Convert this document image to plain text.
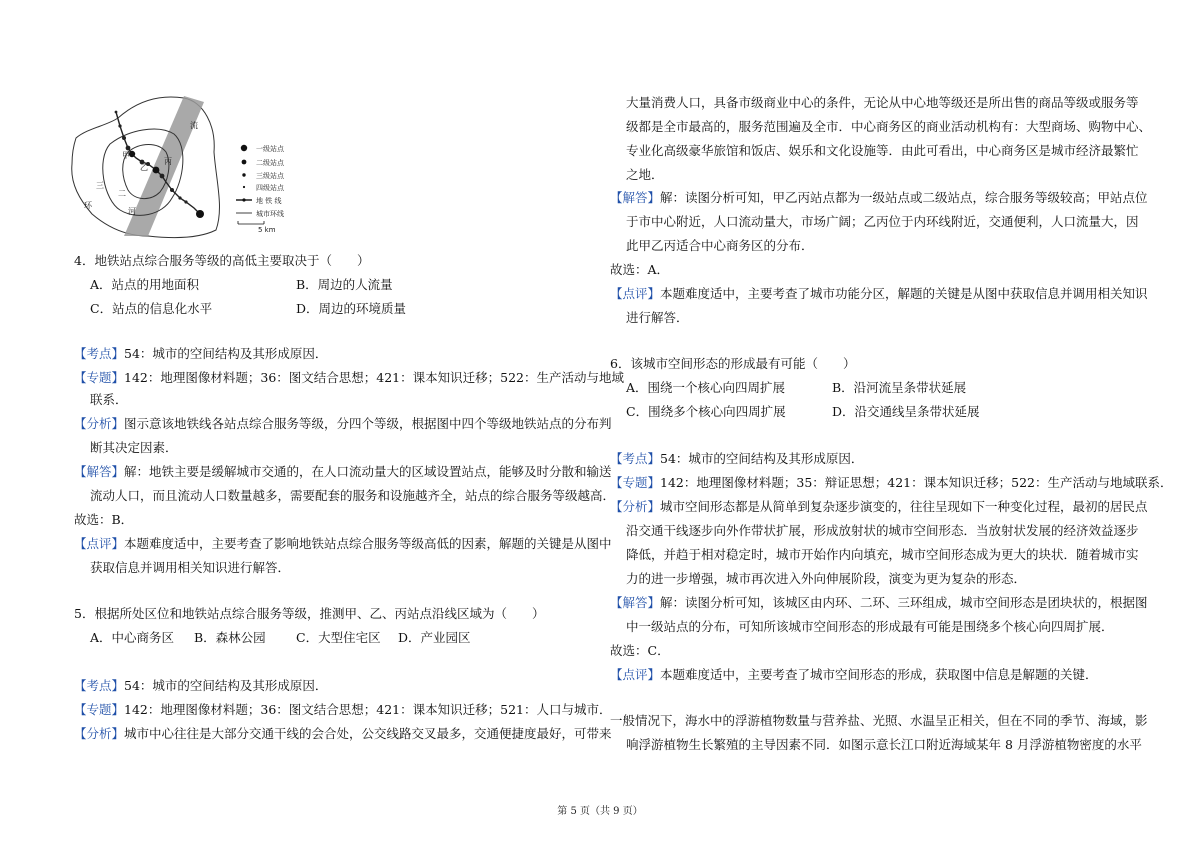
一级站点
二级站点
三级站点
四级站点
地 铁 线
城市环线
5 km
流
甲
乙
丙
三
环
二
河
4．地铁站点综合服务等级的高低主要取决于（　　）
A．站点的用地面积	B．周边的人流量
C．站点的信息化水平	D．周边的环境质量
【考点】54：城市的空间结构及其形成原因．
【专题】142：地理图像材料题；36：图文结合思想；421：课本知识迁移；522：生产活动与地域
联系．
【分析】图示意该地铁线各站点综合服务等级，分四个等级，根据图中四个等级地铁站点的分布判
断其决定因素．
【解答】解：地铁主要是缓解城市交通的，在人口流动量大的区域设置站点，能够及时分散和输送
流动人口，而且流动人口数量越多，需要配套的服务和设施越齐全，站点的综合服务等级越高．
故选：B．
【点评】本题难度适中，主要考查了影响地铁站点综合服务等级高低的因素，解题的关键是从图中
获取信息并调用相关知识进行解答．
5．根据所处区位和地铁站点综合服务等级，推测甲、乙、丙站点沿线区域为（　　）
A．中心商务区 B．森林公园 C．大型住宅区 D．产业园区
【考点】54：城市的空间结构及其形成原因．
【专题】142：地理图像材料题；36：图文结合思想；421：课本知识迁移；521：人口与城市．
【分析】城市中心往往是大部分交通干线的会合处，公交线路交叉最多，交通便捷度最好，可带来
大量消费人口，具备市级商业中心的条件，无论从中心地等级还是所出售的商品等级或服务等
级都是全市最高的，服务范围遍及全市．中心商务区的商业活动机构有：大型商场、购物中心、
专业化高级豪华旅馆和饭店、娱乐和文化设施等．由此可看出，中心商务区是城市经济最繁忙
之地．
【解答】解：读图分析可知，甲乙丙站点都为一级站点或二级站点，综合服务等级较高；甲站点位
于市中心附近，人口流动量大，市场广阔；乙丙位于内环线附近，交通便利，人口流量大，因
此甲乙丙适合中心商务区的分布．
故选：A．
【点评】本题难度适中，主要考查了城市功能分区，解题的关键是从图中获取信息并调用相关知识
进行解答．
6．该城市空间形态的形成最有可能（　　）
A．围绕一个核心向四周扩展	B．沿河流呈条带状延展
C．围绕多个核心向四周扩展	D．沿交通线呈条带状延展
【考点】54：城市的空间结构及其形成原因．
【专题】142：地理图像材料题；35：辩证思想；421：课本知识迁移；522：生产活动与地域联系．
【分析】城市空间形态都是从简单到复杂逐步演变的，往往呈现如下一种变化过程，最初的居民点
沿交通干线逐步向外作带状扩展，形成放射状的城市空间形态．当放射状发展的经济效益逐步
降低，并趋于相对稳定时，城市开始作内向填充，城市空间形态成为更大的块状．随着城市实
力的进一步增强，城市再次进入外向伸展阶段，演变为更为复杂的形态．
【解答】解：读图分析可知，该城区由内环、二环、三环组成，城市空间形态是团块状的，根据图
中一级站点的分布，可知所该城市空间形态的形成最有可能是围绕多个核心向四周扩展．
故选：C．
【点评】本题难度适中，主要考查了城市空间形态的形成，获取图中信息是解题的关键．
一般情况下，海水中的浮游植物数量与营养盐、光照、水温呈正相关，但在不同的季节、海域，影
响浮游植物生长繁殖的主导因素不同．如图示意长江口附近海域某年 8 月浮游植物密度的水平
第 5 页（共 9 页）
